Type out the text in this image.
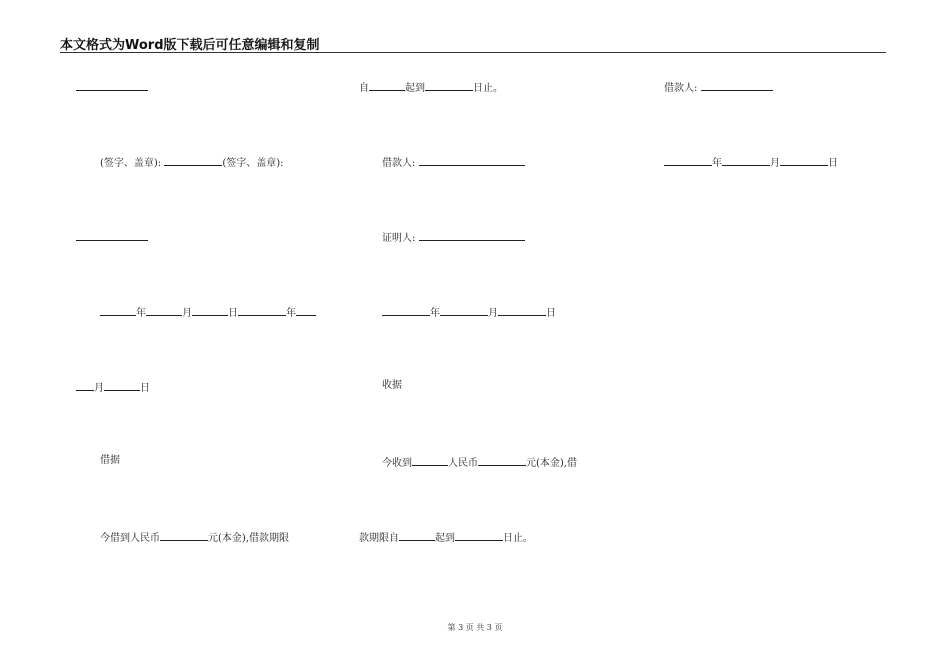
本文格式为Word版下载后可任意编辑和复制
(签字、盖章):	(签字、盖章):
年	月	日	年
月	日
借据
今借到人民币	元(本金),借款期限
自	起到	日止。
借款人:
证明人:
年	月	日
收据
今收到	人民币	元(本金),借
款期限自	起到	日止。
借款人:
年	月	日
第 3 页 共 3 页
